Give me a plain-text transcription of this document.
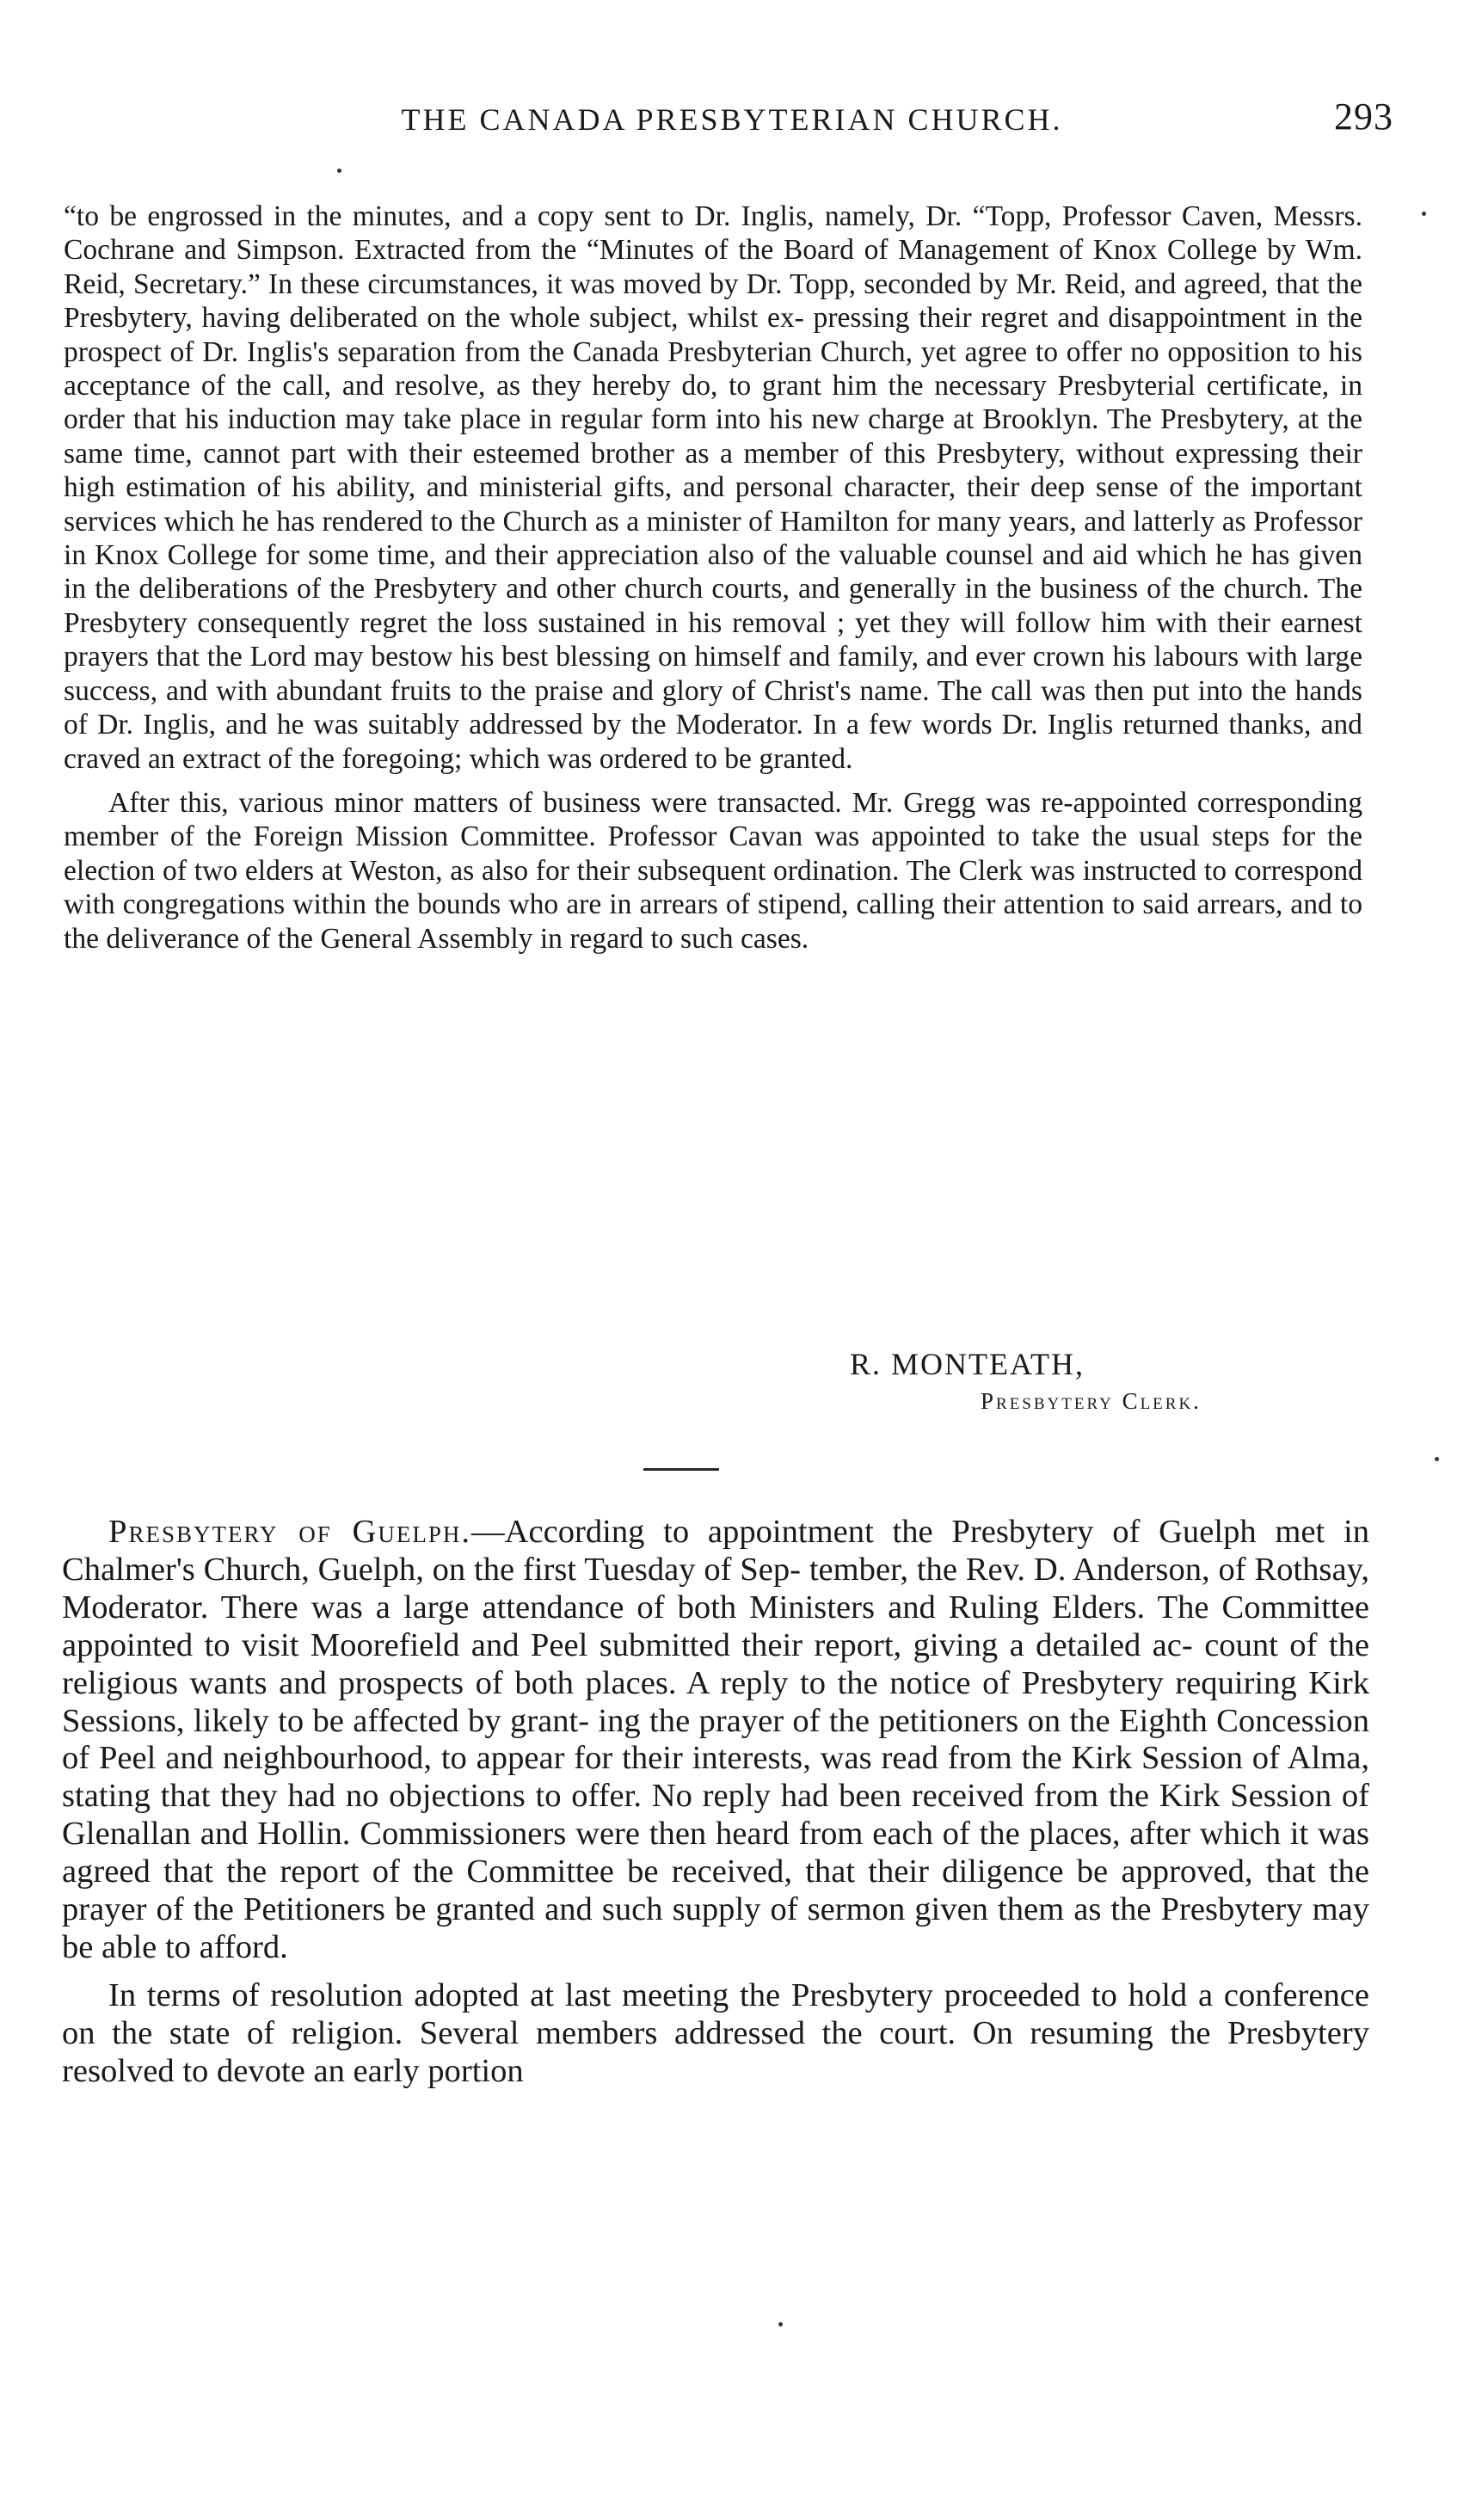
THE CANADA PRESBYTERIAN CHURCH.	293

“to be engrossed in the minutes, and a copy sent to Dr. Inglis, namely, Dr. “Topp, Professor Caven, Messrs. Cochrane and Simpson. Extracted from the “Minutes of the Board of Management of Knox College by Wm. Reid, Secretary.” In these circumstances, it was moved by Dr. Topp, seconded by Mr. Reid, and agreed, that the Presbytery, having deliberated on the whole subject, whilst ex- pressing their regret and disappointment in the prospect of Dr. Inglis's separation from the Canada Presbyterian Church, yet agree to offer no opposition to his acceptance of the call, and resolve, as they hereby do, to grant him the necessary Presbyterial certificate, in order that his induction may take place in regular form into his new charge at Brooklyn. The Presbytery, at the same time, cannot part with their esteemed brother as a member of this Presbytery, without expressing their high estimation of his ability, and ministerial gifts, and personal character, their deep sense of the important services which he has rendered to the Church as a minister of Hamilton for many years, and latterly as Professor in Knox College for some time, and their appreciation also of the valuable counsel and aid which he has given in the deliberations of the Presbytery and other church courts, and generally in the business of the church. The Presbytery consequently regret the loss sustained in his removal ; yet they will follow him with their earnest prayers that the Lord may bestow his best blessing on himself and family, and ever crown his labours with large success, and with abundant fruits to the praise and glory of Christ's name. The call was then put into the hands of Dr. Inglis, and he was suitably addressed by the Moderator. In a few words Dr. Inglis returned thanks, and craved an extract of the foregoing; which was ordered to be granted.

After this, various minor matters of business were transacted. Mr. Gregg was re-appointed corresponding member of the Foreign Mission Committee. Professor Cavan was appointed to take the usual steps for the election of two elders at Weston, as also for their subsequent ordination. The Clerk was instructed to correspond with congregations within the bounds who are in arrears of stipend, calling their attention to said arrears, and to the deliverance of the General Assembly in regard to such cases.

R. MONTEATH,
Presbytery Clerk.

Presbytery of Guelph.—According to appointment the Presbytery of Guelph met in Chalmer's Church, Guelph, on the first Tuesday of Sep- tember, the Rev. D. Anderson, of Rothsay, Moderator. There was a large attendance of both Ministers and Ruling Elders. The Committee appointed to visit Moorefield and Peel submitted their report, giving a detailed ac- count of the religious wants and prospects of both places. A reply to the notice of Presbytery requiring Kirk Sessions, likely to be affected by grant- ing the prayer of the petitioners on the Eighth Concession of Peel and neighbourhood, to appear for their interests, was read from the Kirk Session of Alma, stating that they had no objections to offer. No reply had been received from the Kirk Session of Glenallan and Hollin. Commissioners were then heard from each of the places, after which it was agreed that the report of the Committee be received, that their diligence be approved, that the prayer of the Petitioners be granted and such supply of sermon given them as the Presbytery may be able to afford.

In terms of resolution adopted at last meeting the Presbytery proceeded to hold a conference on the state of religion. Several members addressed the court. On resuming the Presbytery resolved to devote an early portion
